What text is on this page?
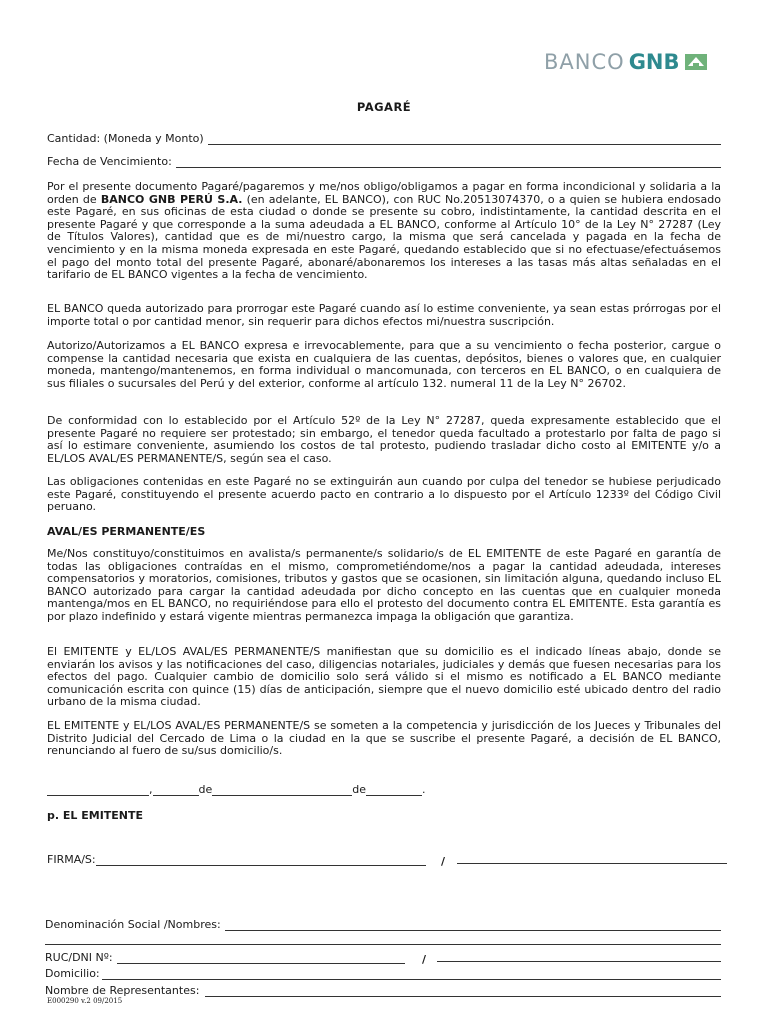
BANCO GNB
PAGARÉ
Cantidad: (Moneda y Monto)
Fecha de Vencimiento:

Por el presente documento Pagaré/pagaremos y me/nos obligo/obligamos a pagar en forma incondicional y solidaria a la orden de BANCO GNB PERÚ S.A. (en adelante, EL BANCO), con RUC No.20513074370, o a quien se hubiera endosado este Pagaré, en sus oficinas de esta ciudad o donde se presente su cobro, indistintamente, la cantidad descrita en el presente Pagaré y que corresponde a la suma adeudada a EL BANCO, conforme al Artículo 10° de la Ley N° 27287 (Ley de Títulos Valores), cantidad que es de mi/nuestro cargo, la misma que será cancelada y pagada en la fecha de vencimiento y en la misma moneda expresada en este Pagaré, quedando establecido que si no efectuase/efectuásemos el pago del monto total del presente Pagaré, abonaré/abonaremos los intereses a las tasas más altas señaladas en el tarifario de EL BANCO vigentes a la fecha de vencimiento.

EL BANCO queda autorizado para prorrogar este Pagaré cuando así lo estime conveniente, ya sean estas prórrogas por el importe total o por cantidad menor, sin requerir para dichos efectos mi/nuestra suscripción.

Autorizo/Autorizamos a EL BANCO expresa e irrevocablemente, para que a su vencimiento o fecha posterior, cargue o compense la cantidad necesaria que exista en cualquiera de las cuentas, depósitos, bienes o valores que, en cualquier moneda, mantengo/mantenemos, en forma individual o mancomunada, con terceros en EL BANCO, o en cualquiera de sus filiales o sucursales del Perú y del exterior, conforme al artículo 132. numeral 11 de la Ley N° 26702.

De conformidad con lo establecido por el Artículo 52º de la Ley N° 27287, queda expresamente establecido que el presente Pagaré no requiere ser protestado; sin embargo, el tenedor queda facultado a protestarlo por falta de pago si así lo estimare conveniente, asumiendo los costos de tal protesto, pudiendo trasladar dicho costo al EMITENTE y/o a EL/LOS AVAL/ES PERMANENTE/S, según sea el caso.

Las obligaciones contenidas en este Pagaré no se extinguirán aun cuando por culpa del tenedor se hubiese perjudicado este Pagaré, constituyendo el presente acuerdo pacto en contrario a lo dispuesto por el Artículo 1233º del Código Civil peruano.

AVAL/ES PERMANENTE/ES

Me/Nos constituyo/constituimos en avalista/s permanente/s solidario/s de EL EMITENTE de este Pagaré en garantía de todas las obligaciones contraídas en el mismo, comprometiéndome/nos a pagar la cantidad adeudada, intereses compensatorios y moratorios, comisiones, tributos y gastos que se ocasionen, sin limitación alguna, quedando incluso EL BANCO autorizado para cargar la cantidad adeudada por dicho concepto en las cuentas que en cualquier moneda mantenga/mos en EL BANCO, no requiriéndose para ello el protesto del documento contra EL EMITENTE. Esta garantía es por plazo indefinido y estará vigente mientras permanezca impaga la obligación que garantiza.

El EMITENTE y EL/LOS AVAL/ES PERMANENTE/S manifiestan que su domicilio es el indicado líneas abajo, donde se enviarán los avisos y las notificaciones del caso, diligencias notariales, judiciales y demás que fuesen necesarias para los efectos del pago. Cualquier cambio de domicilio solo será válido si el mismo es notificado a EL BANCO mediante comunicación escrita con quince (15) días de anticipación, siempre que el nuevo domicilio esté ubicado dentro del radio urbano de la misma ciudad.

EL EMITENTE y EL/LOS AVAL/ES PERMANENTE/S se someten a la competencia y jurisdicción de los Jueces y Tribunales del Distrito Judicial del Cercado de Lima o la ciudad en la que se suscribe el presente Pagaré, a decisión de EL BANCO, renunciando al fuero de su/sus domicilio/s.

,	de	de	.
p. EL EMITENTE
FIRMA/S:	/
Denominación Social /Nombres:
RUC/DNI Nº:	/
Domicilio:
Nombre de Representantes:
E000290 v.2 09/2015
